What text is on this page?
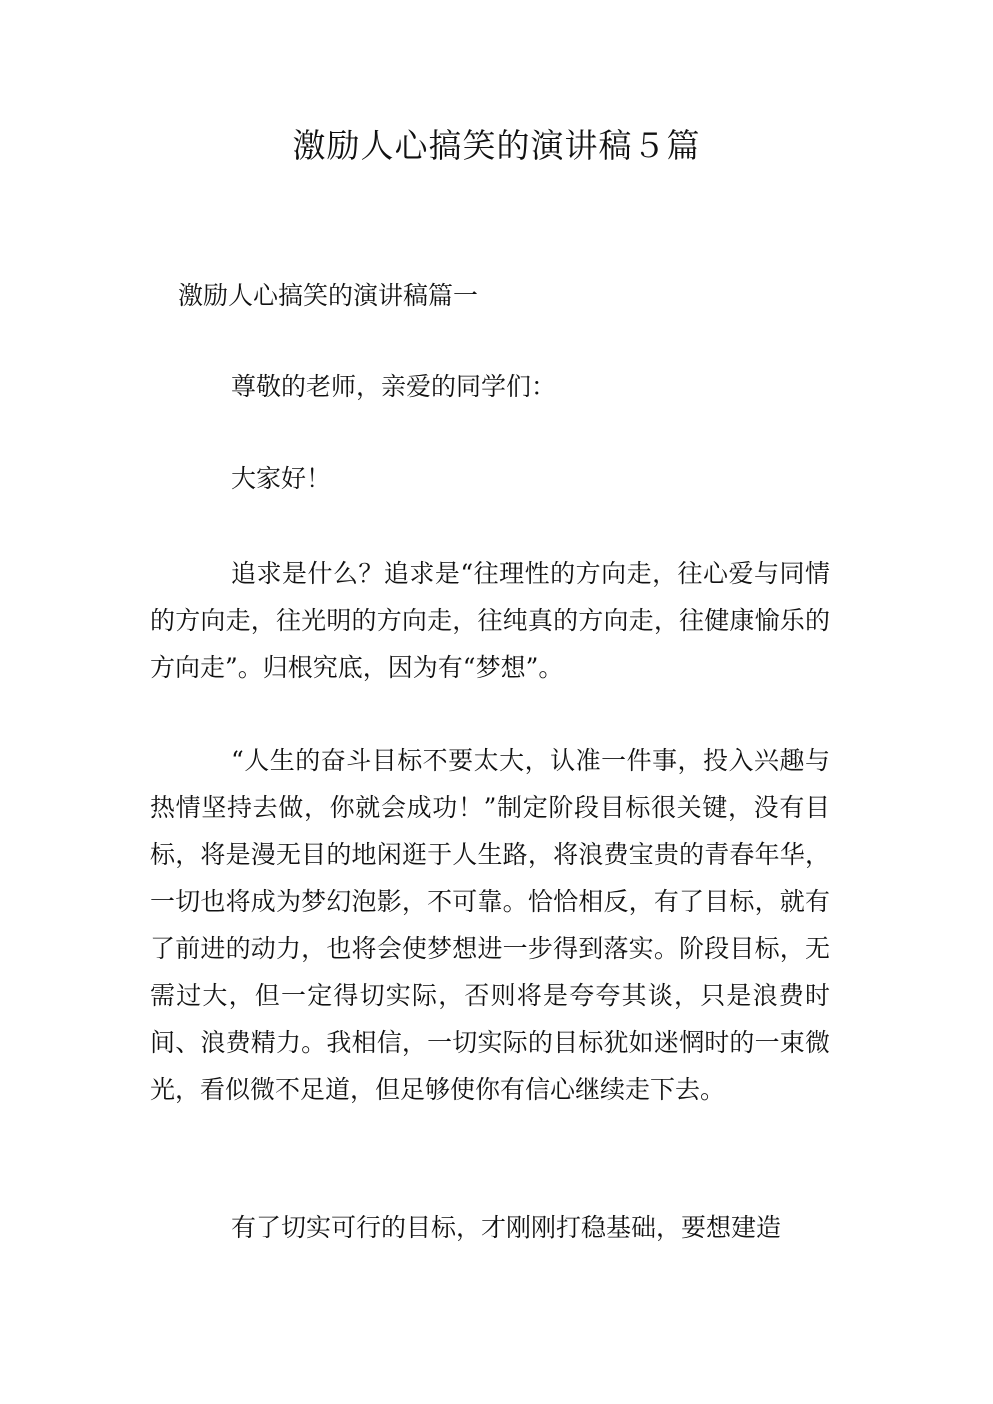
激励人心搞笑的演讲稿５篇
激励人心搞笑的演讲稿篇一

尊敬的老师，亲爱的同学们：

大家好！

追求是什么？追求是“往理性的方向走，往心爱与同情的方向走，往光明的方向走，往纯真的方向走，往健康愉乐的方向走”。归根究底，因为有“梦想”。

“人生的奋斗目标不要太大，认准一件事，投入兴趣与热情坚持去做，你就会成功！”制定阶段目标很关键，没有目标，将是漫无目的地闲逛于人生路，将浪费宝贵的青春年华，一切也将成为梦幻泡影，不可靠。恰恰相反，有了目标，就有了前进的动力，也将会使梦想进一步得到落实。阶段目标，无需过大，但一定得切实际，否则将是夸夸其谈，只是浪费时间、浪费精力。我相信，一切实际的目标犹如迷惘时的一束微光，看似微不足道，但足够使你有信心继续走下去。

有了切实可行的目标，才刚刚打稳基础，要想建造
